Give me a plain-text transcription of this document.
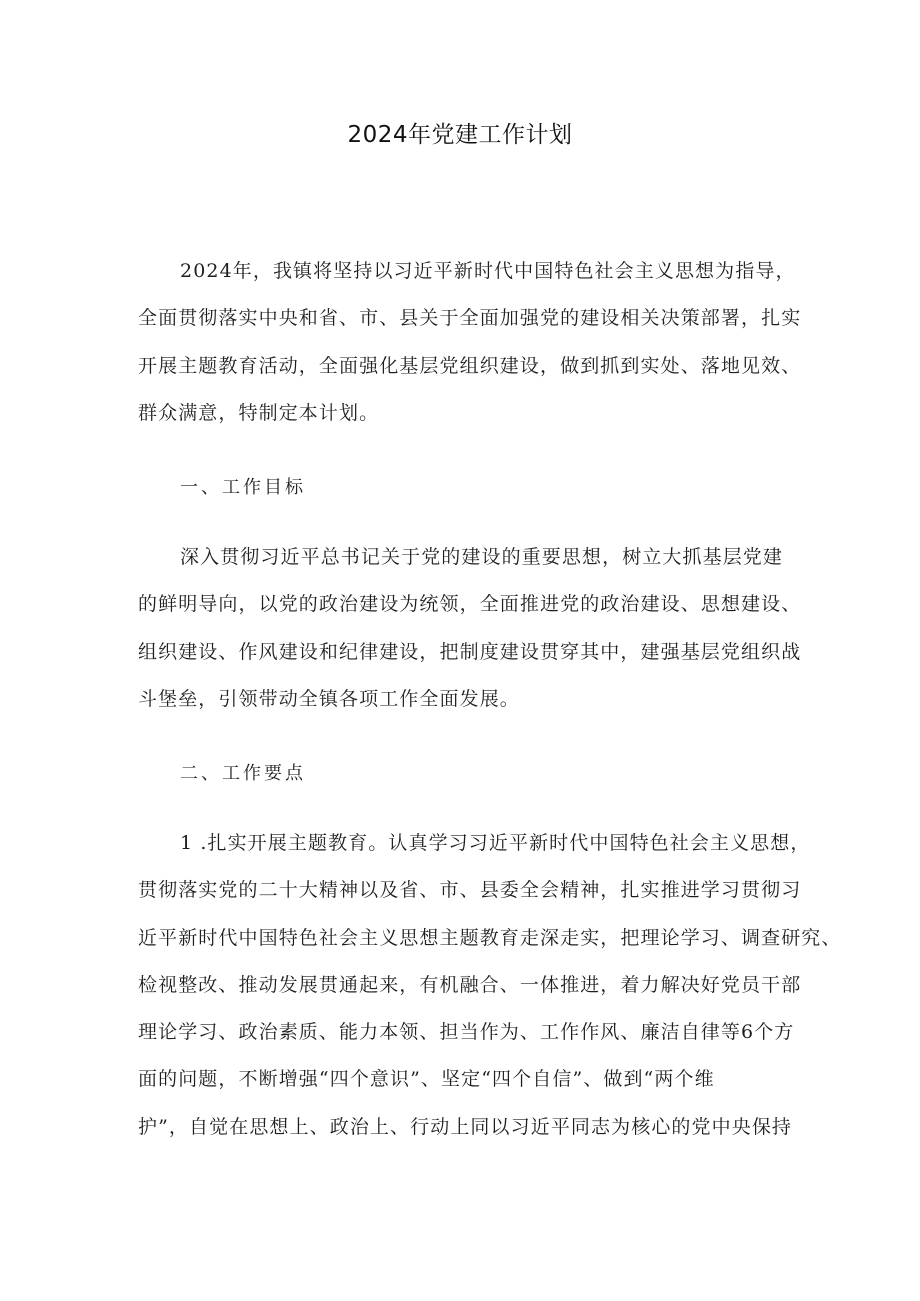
2024年党建工作计划
2024年，我镇将坚持以习近平新时代中国特色社会主义思想为指导，
全面贯彻落实中央和省、市、县关于全面加强党的建设相关决策部署，扎实
开展主题教育活动，全面强化基层党组织建设，做到抓到实处、落地见效、
群众满意，特制定本计划。
一、工作目标
深入贯彻习近平总书记关于党的建设的重要思想，树立大抓基层党建
的鲜明导向，以党的政治建设为统领，全面推进党的政治建设、思想建设、
组织建设、作风建设和纪律建设，把制度建设贯穿其中，建强基层党组织战
斗堡垒，引领带动全镇各项工作全面发展。
二、工作要点
1 .扎实开展主题教育。认真学习习近平新时代中国特色社会主义思想，
贯彻落实党的二十大精神以及省、市、县委全会精神，扎实推进学习贯彻习
近平新时代中国特色社会主义思想主题教育走深走实，把理论学习、调查研究、
检视整改、推动发展贯通起来，有机融合、一体推进，着力解决好党员干部
理论学习、政治素质、能力本领、担当作为、工作作风、廉洁自律等6个方
面的问题，不断增强“四个意识”、坚定“四个自信”、做到“两个维
护”，自觉在思想上、政治上、行动上同以习近平同志为核心的党中央保持
